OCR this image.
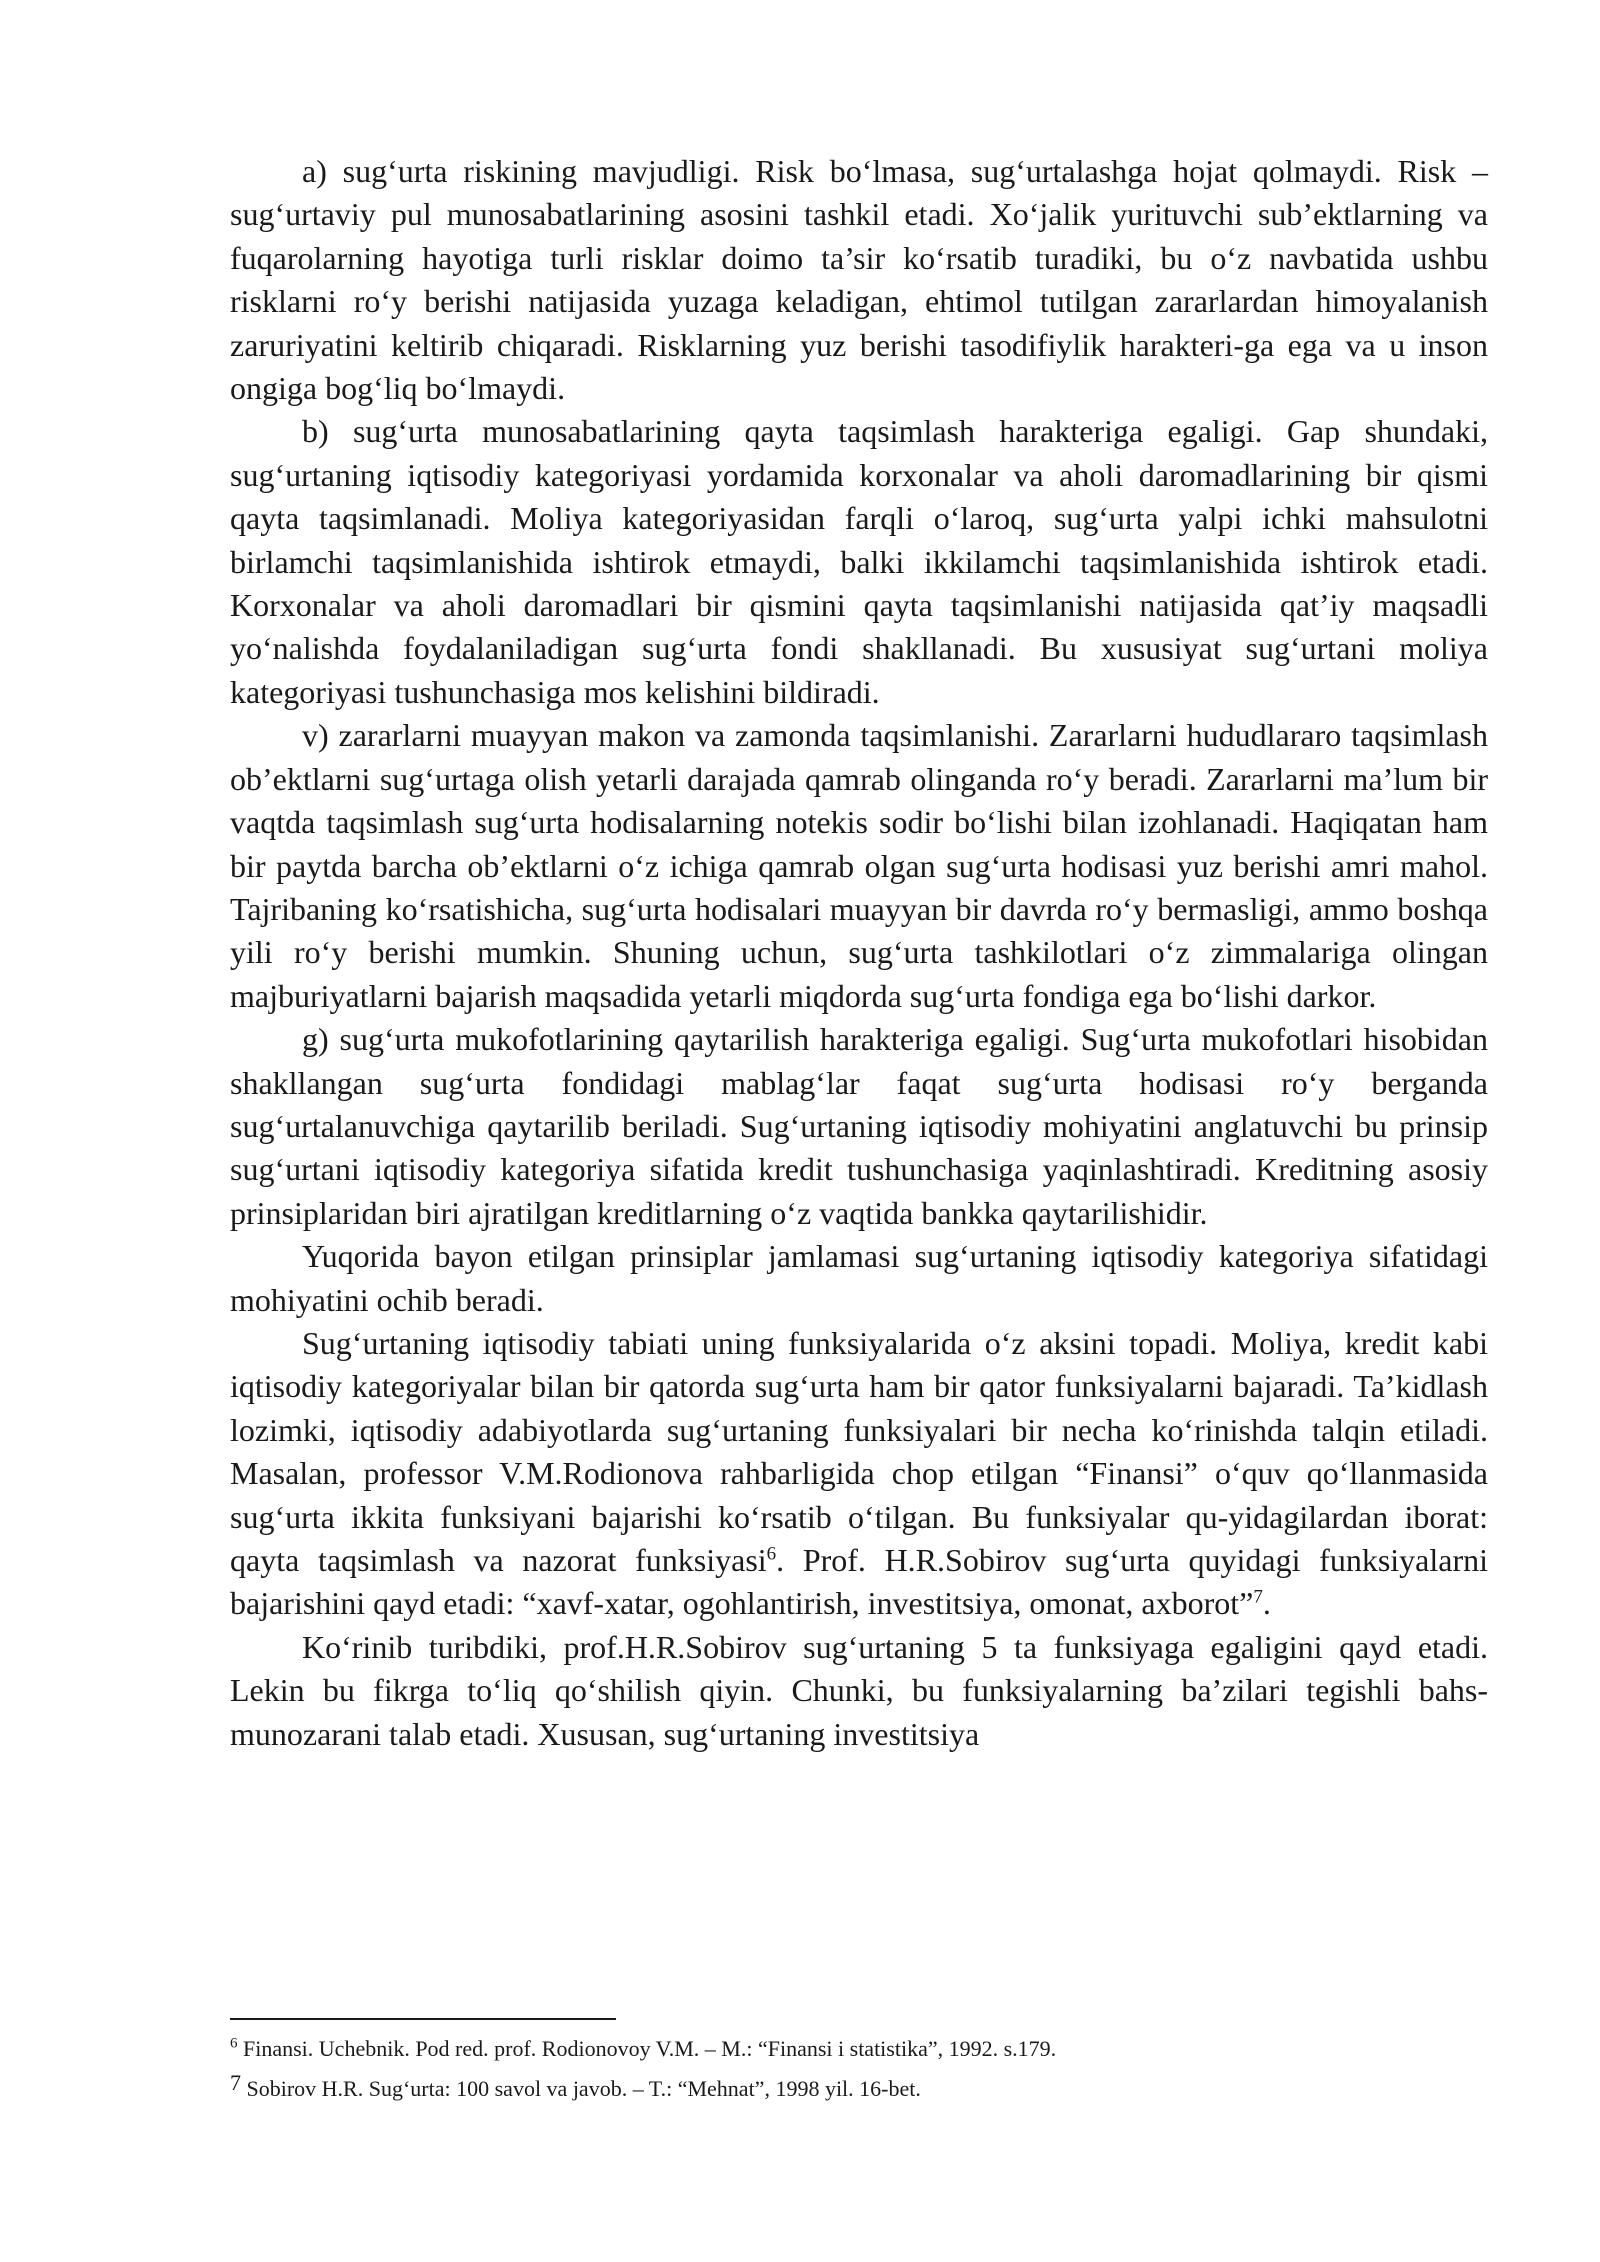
a) sug‘urta riskining mavjudligi. Risk bo‘lmasa, sug‘urtalashga hojat qolmaydi. Risk – sug‘urtaviy pul munosabatlarining asosini tashkil etadi. Xo‘jalik yurituvchi sub’ektlarning va fuqarolarning hayotiga turli risklar doimo ta’sir ko‘rsatib turadiki, bu o‘z navbatida ushbu risklarni ro‘y berishi natijasida yuzaga keladigan, ehtimol tutilgan zararlardan himoyalanish zaruriyatini keltirib chiqaradi. Risklarning yuz berishi tasodifiylik harakteri-ga ega va u inson ongiga bog‘liq bo‘lmaydi.

b) sug‘urta munosabatlarining qayta taqsimlash harakteriga egaligi. Gap shundaki, sug‘urtaning iqtisodiy kategoriyasi yordamida korxonalar va aholi daromadlarining bir qismi qayta taqsimlanadi. Moliya kategoriyasidan farqli o‘laroq, sug‘urta yalpi ichki mahsulotni birlamchi taqsimlanishida ishtirok etmaydi, balki ikkilamchi taqsimlanishida ishtirok etadi. Korxonalar va aholi daromadlari bir qismini qayta taqsimlanishi natijasida qat’iy maqsadli yo‘nalishda foydalaniladigan sug‘urta fondi shakllanadi. Bu xususiyat sug‘urtani moliya kategoriyasi tushunchasiga mos kelishini bildiradi.

v) zararlarni muayyan makon va zamonda taqsimlanishi. Zararlarni hududlararo taqsimlash ob’ektlarni sug‘urtaga olish yetarli darajada qamrab olinganda ro‘y beradi. Zararlarni ma’lum bir vaqtda taqsimlash sug‘urta hodisalarning notekis sodir bo‘lishi bilan izohlanadi. Haqiqatan ham bir paytda barcha ob’ektlarni o‘z ichiga qamrab olgan sug‘urta hodisasi yuz berishi amri mahol. Tajribaning ko‘rsatishicha, sug‘urta hodisalari muayyan bir davrda ro‘y bermasligi, ammo boshqa yili ro‘y berishi mumkin. Shuning uchun, sug‘urta tashkilotlari o‘z zimmalariga olingan majburiyatlarni bajarish maqsadida yetarli miqdorda sug‘urta fondiga ega bo‘lishi darkor.

g) sug‘urta mukofotlarining qaytarilish harakteriga egaligi. Sug‘urta mukofotlari hisobidan shakllangan sug‘urta fondidagi mablag‘lar faqat sug‘urta hodisasi ro‘y berganda sug‘urtalanuvchiga qaytarilib beriladi. Sug‘urtaning iqtisodiy mohiyatini anglatuvchi bu prinsip sug‘urtani iqtisodiy kategoriya sifatida kredit tushunchasiga yaqinlashtiradi. Kreditning asosiy prinsiplaridan biri ajratilgan kreditlarning o‘z vaqtida bankka qaytarilishidir.

Yuqorida bayon etilgan prinsiplar jamlamasi sug‘urtaning iqtisodiy kategoriya sifatidagi mohiyatini ochib beradi.

Sug‘urtaning iqtisodiy tabiati uning funksiyalarida o‘z aksini topadi. Moliya, kredit kabi iqtisodiy kategoriyalar bilan bir qatorda sug‘urta ham bir qator funksiyalarni bajaradi. Ta’kidlash lozimki, iqtisodiy adabiyotlarda sug‘urtaning funksiyalari bir necha ko‘rinishda talqin etiladi. Masalan, professor V.M.Rodionova rahbarligida chop etilgan “Finansi” o‘quv qo‘llanmasida sug‘urta ikkita funksiyani bajarishi ko‘rsatib o‘tilgan. Bu funksiyalar qu-yidagilardan iborat: qayta taqsimlash va nazorat funksiyasi$^6$. Prof. H.R.Sobirov sug‘urta quyidagi funksiyalarni bajarishini qayd etadi: “xavf-xatar, ogohlantirish, investitsiya, omonat, axborot”$^7$.

Ko‘rinib turibdiki, prof.H.R.Sobirov sug‘urtaning 5 ta funksiyaga egaligini qayd etadi. Lekin bu fikrga to‘liq qo‘shilish qiyin. Chunki, bu funksiyalarning ba’zilari tegishli bahs-munozarani talab etadi. Xususan, sug‘urtaning investitsiya

$^6$ Finansi. Uchebnik. Pod red. prof. Rodionovoy V.M. – M.: “Finansi i statistika”, 1992. s.179.

7 Sobirov H.R. Sug‘urta: 100 savol va javob. – T.: “Mehnat”, 1998 yil. 16-bet.
